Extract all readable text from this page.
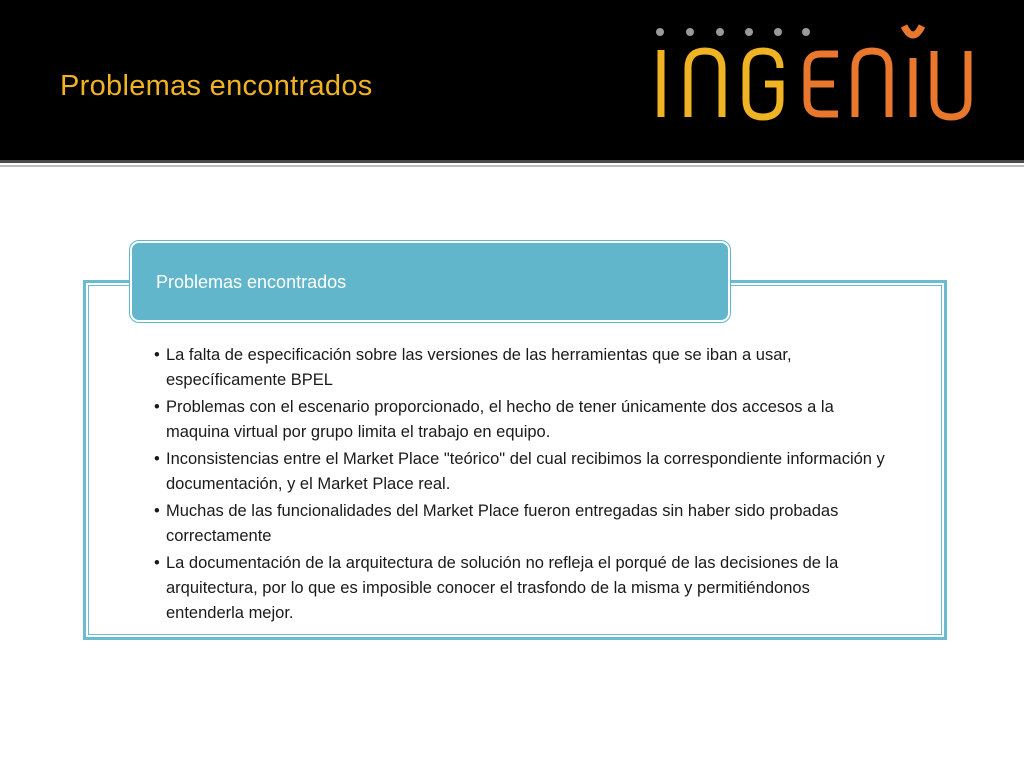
Problemas encontrados
Problemas encontrados
• La falta de especificación sobre las versiones de las herramientas que se iban a usar, específicamente BPEL
• Problemas con el escenario proporcionado, el hecho de tener únicamente dos accesos a la maquina virtual por grupo limita el trabajo en equipo.
• Inconsistencias entre el Market Place "teórico" del cual recibimos la correspondiente información y documentación, y el Market Place real.
• Muchas de las funcionalidades del Market Place fueron entregadas sin haber sido probadas correctamente
• La documentación de la arquitectura de solución no refleja el porqué de las decisiones de la arquitectura, por lo que es imposible conocer el trasfondo de la misma y permitiéndonos entenderla mejor.
